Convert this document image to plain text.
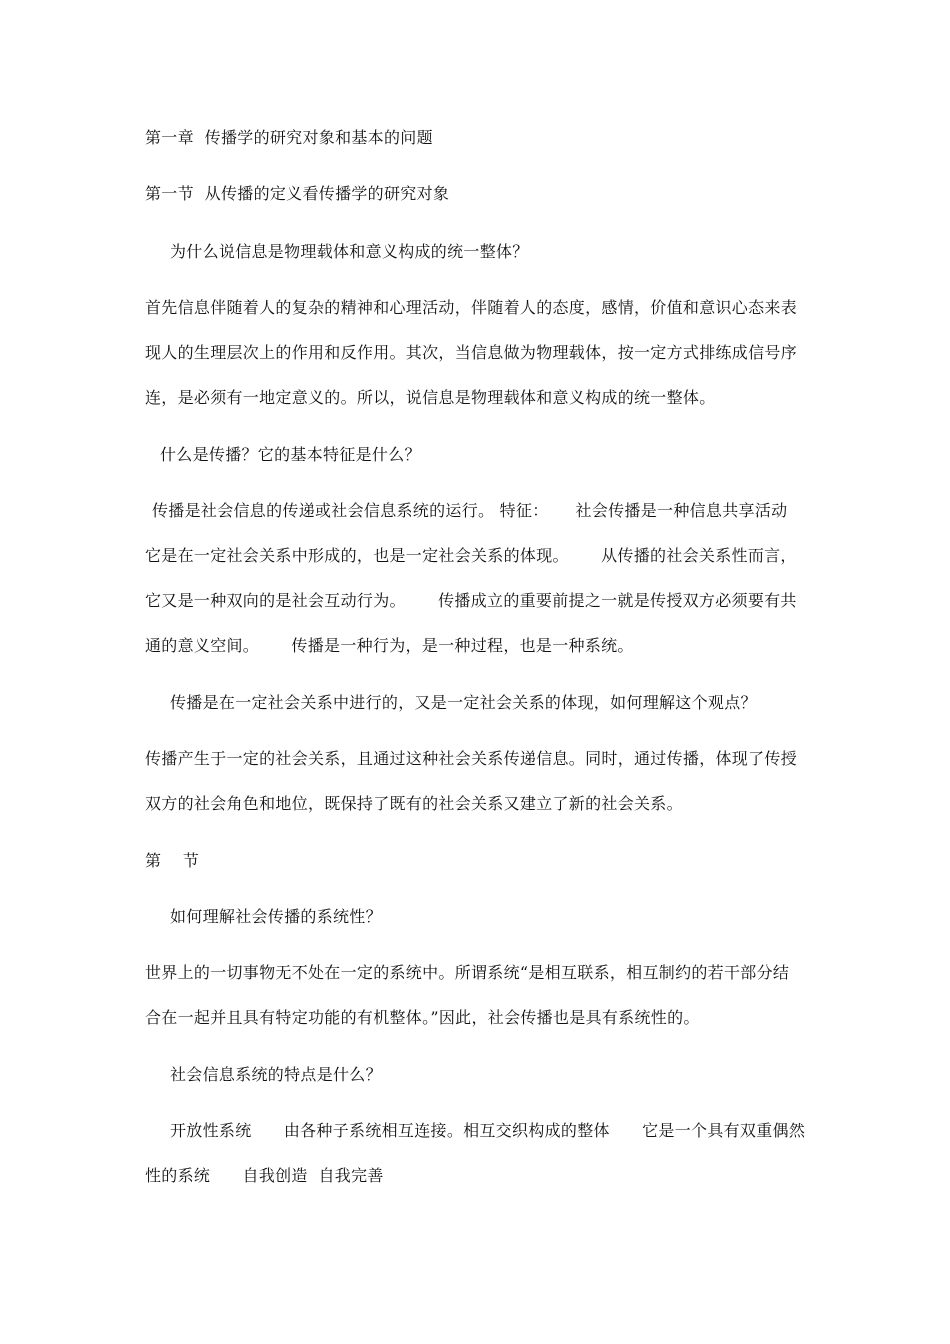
第一章  传播学的研究对象和基本的问题
第一节  从传播的定义看传播学的研究对象
为什么说信息是物理载体和意义构成的统一整体？
首先信息伴随着人的复杂的精神和心理活动，伴随着人的态度，感情，价值和意识心态来表
现人的生理层次上的作用和反作用。其次，当信息做为物理载体，按一定方式排练成信号序
连，是必须有一地定意义的。所以，说信息是物理载体和意义构成的统一整体。
什么是传播？它的基本特征是什么？
传播是社会信息的传递或社会信息系统的运行。 特征：     社会传播是一种信息共享活动
它是在一定社会关系中形成的，也是一定社会关系的体现。      从传播的社会关系性而言，
它又是一种双向的是社会互动行为。      传播成立的重要前提之一就是传授双方必须要有共
通的意义空间。      传播是一种行为，是一种过程，也是一种系统。
传播是在一定社会关系中进行的，又是一定社会关系的体现，如何理解这个观点？
传播产生于一定的社会关系，且通过这种社会关系传递信息。同时，通过传播，体现了传授
双方的社会角色和地位，既保持了既有的社会关系又建立了新的社会关系。
第    节
如何理解社会传播的系统性？
世界上的一切事物无不处在一定的系统中。所谓系统“是相互联系，相互制约的若干部分结
合在一起并且具有特定功能的有机整体。”因此，社会传播也是具有系统性的。
社会信息系统的特点是什么？
开放性系统      由各种子系统相互连接。相互交织构成的整体      它是一个具有双重偶然
性的系统      自我创造  自我完善
